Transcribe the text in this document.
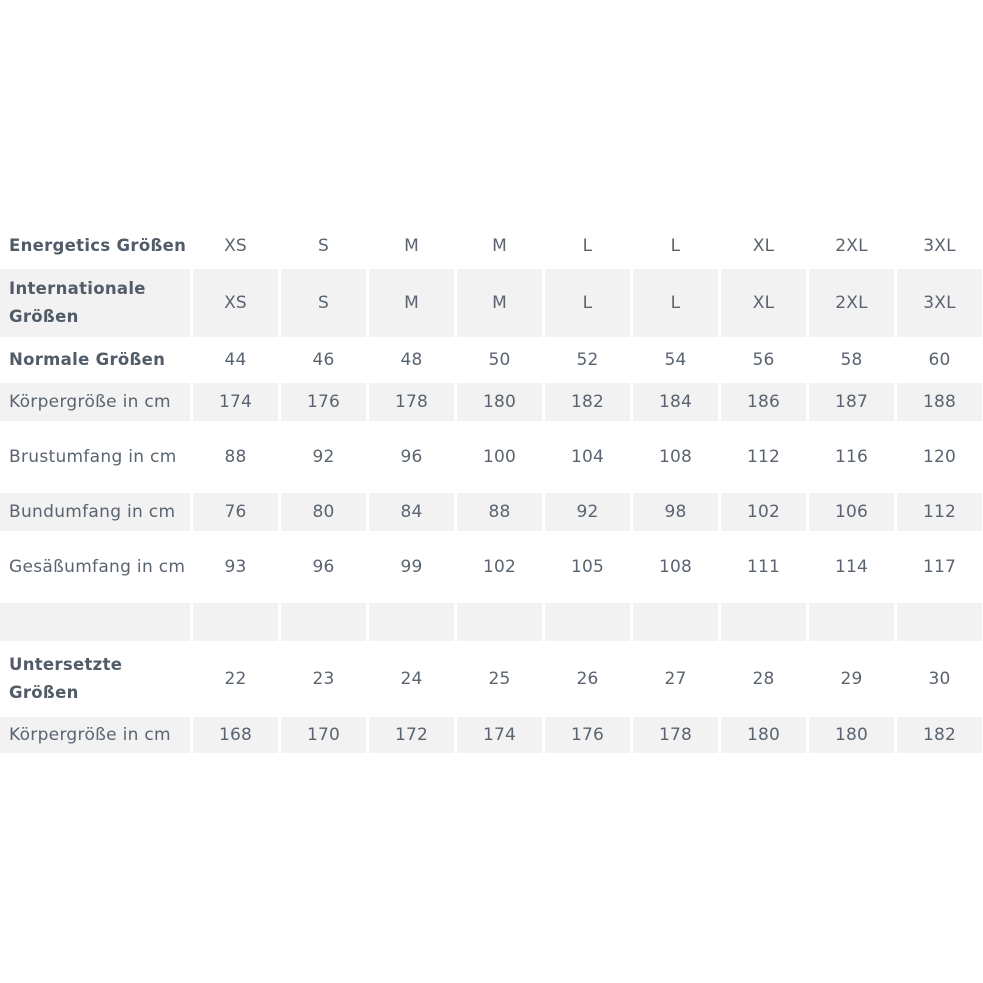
Energetics Größen	XS	S	M	M	L	L	XL	2XL	3XL
Internationale Größen	XS	S	M	M	L	L	XL	2XL	3XL
Normale Größen	44	46	48	50	52	54	56	58	60
Körpergröße in cm	174	176	178	180	182	184	186	187	188
Brustumfang in cm	88	92	96	100	104	108	112	116	120
Bundumfang in cm	76	80	84	88	92	98	102	106	112
Gesäßumfang in cm	93	96	99	102	105	108	111	114	117

Untersetzte Größen	22	23	24	25	26	27	28	29	30
Körpergröße in cm	168	170	172	174	176	178	180	180	182
